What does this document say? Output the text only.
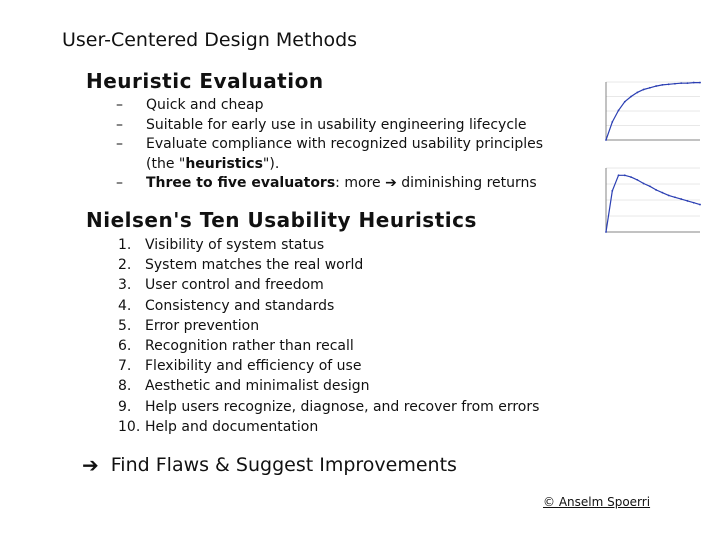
User-Centered Design Methods
Heuristic Evaluation
– Quick and cheap
– Suitable for early use in usability engineering lifecycle
– Evaluate compliance with recognized usability principles (the "heuristics").
– Three to five evaluators: more ➔ diminishing returns
Nielsen's Ten Usability Heuristics
1. Visibility of system status
2. System matches the real world
3. User control and freedom
4. Consistency and standards
5. Error prevention
6. Recognition rather than recall
7. Flexibility and efficiency of use
8. Aesthetic and minimalist design
9. Help users recognize, diagnose, and recover from errors
10. Help and documentation
➔ Find Flaws & Suggest Improvements
© Anselm Spoerri
